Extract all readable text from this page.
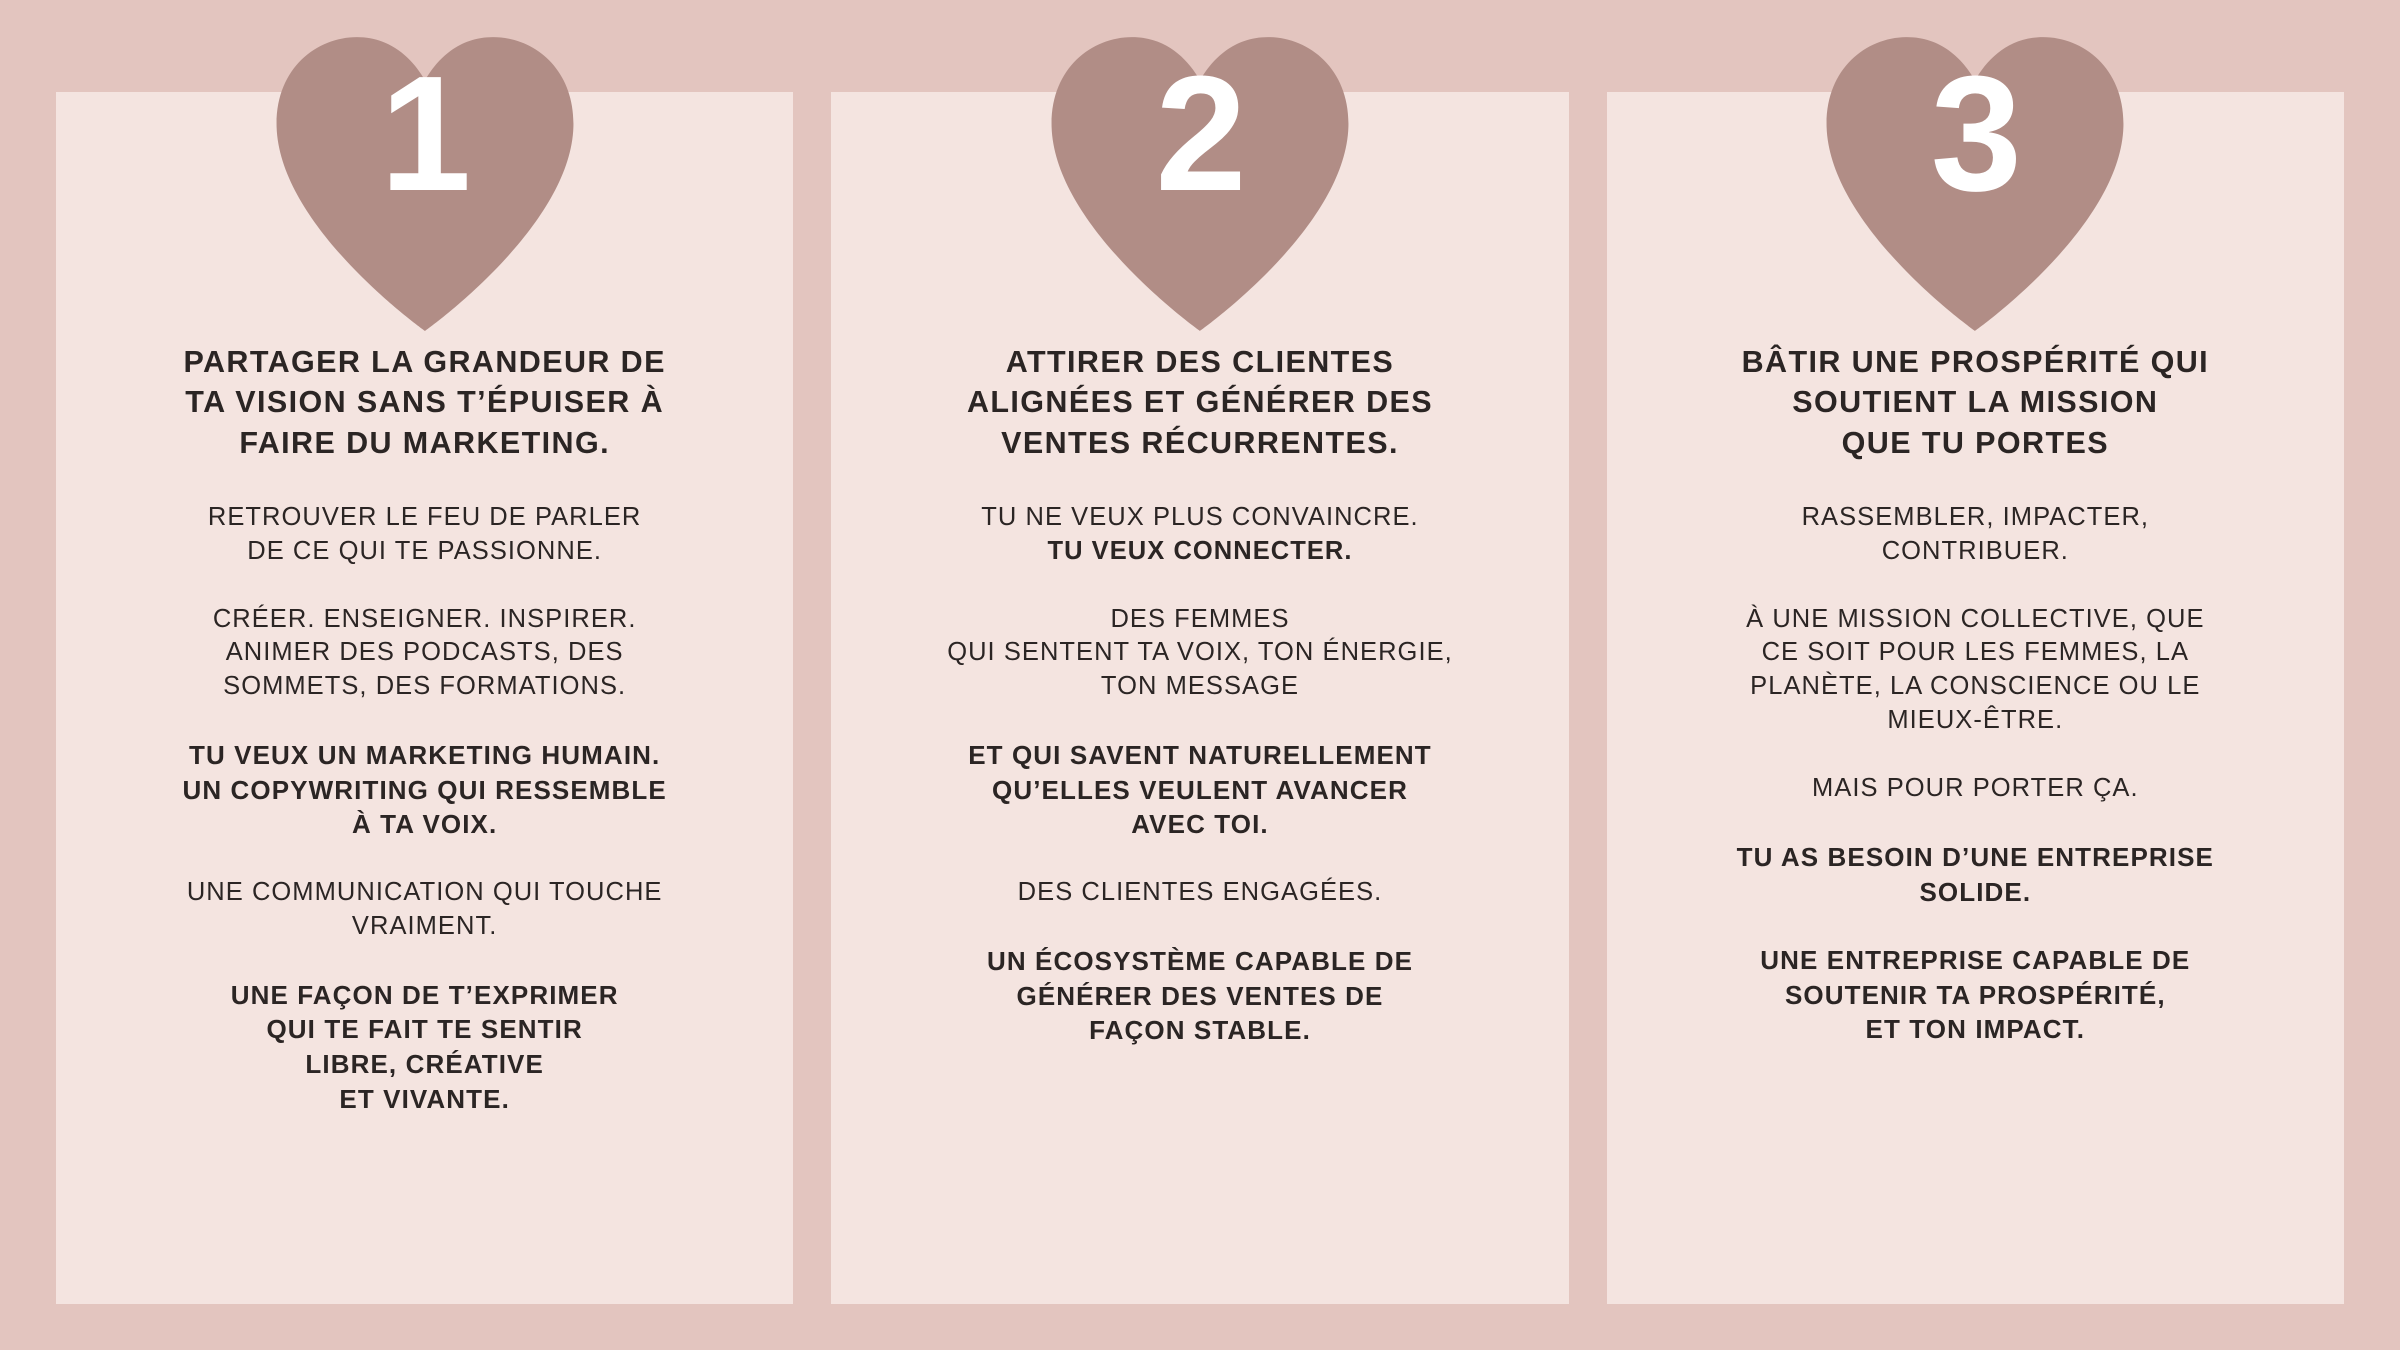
1
PARTAGER LA GRANDEUR DE
TA VISION SANS T’ÉPUISER À
FAIRE DU MARKETING.
RETROUVER LE FEU DE PARLER
DE CE QUI TE PASSIONNE.
CRÉER. ENSEIGNER. INSPIRER.
ANIMER DES PODCASTS, DES
SOMMETS, DES FORMATIONS.
TU VEUX UN MARKETING HUMAIN.
UN COPYWRITING QUI RESSEMBLE
À TA VOIX.
UNE COMMUNICATION QUI TOUCHE
VRAIMENT.
UNE FAÇON DE T’EXPRIMER
QUI TE FAIT TE SENTIR
LIBRE, CRÉATIVE
ET VIVANTE.
2
ATTIRER DES CLIENTES
ALIGNÉES ET GÉNÉRER DES
VENTES RÉCURRENTES.
TU NE VEUX PLUS CONVAINCRE.
TU VEUX CONNECTER.
DES FEMMES
QUI SENTENT TA VOIX, TON ÉNERGIE,
TON MESSAGE
ET QUI SAVENT NATURELLEMENT
QU’ELLES VEULENT AVANCER
AVEC TOI.
DES CLIENTES ENGAGÉES.
UN ÉCOSYSTÈME CAPABLE DE
GÉNÉRER DES VENTES DE
FAÇON STABLE.
3
BÂTIR UNE PROSPÉRITÉ QUI
SOUTIENT LA MISSION
QUE TU PORTES
RASSEMBLER, IMPACTER,
CONTRIBUER.
À UNE MISSION COLLECTIVE, QUE
CE SOIT POUR LES FEMMES, LA
PLANÈTE, LA CONSCIENCE OU LE
MIEUX-ÊTRE.
MAIS POUR PORTER ÇA.
TU AS BESOIN D’UNE ENTREPRISE
SOLIDE.
UNE ENTREPRISE CAPABLE DE
SOUTENIR TA PROSPÉRITÉ,
ET TON IMPACT.
